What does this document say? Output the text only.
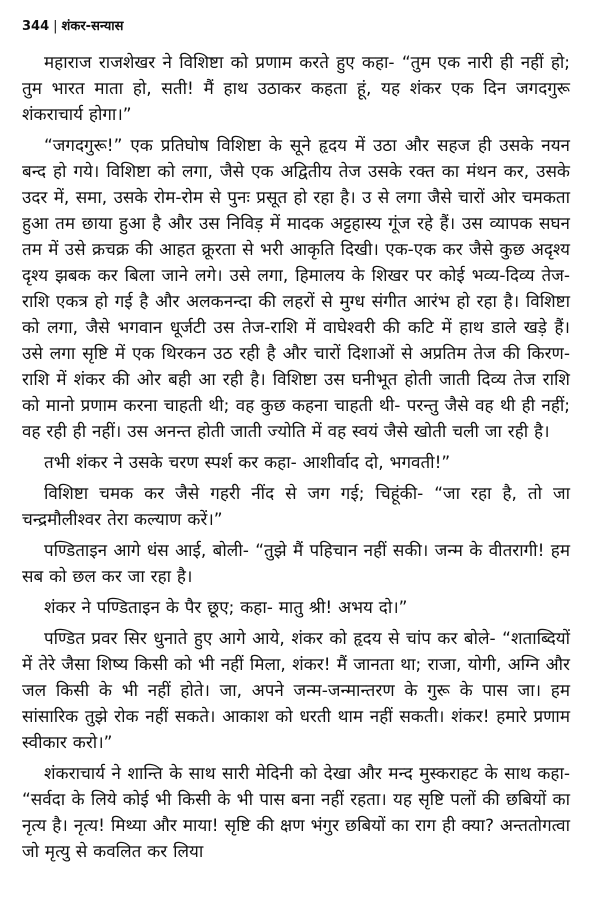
344 | शंकर-सन्यास

महाराज राजशेखर ने विशिष्टा को प्रणाम करते हुए कहा- “तुम एक नारी ही नहीं हो; तुम भारत माता हो, सती! मैं हाथ उठाकर कहता हूं, यह शंकर एक दिन जगदगुरू शंकराचार्य होगा।”

“जगदगुरू!” एक प्रतिघोष विशिष्टा के सूने हृदय में उठा और सहज ही उसके नयन बन्द हो गये। विशिष्टा को लगा, जैसे एक अद्वितीय तेज उसके रक्त का मंथन कर, उसके उदर में, समा, उसके रोम-रोम से पुनः प्रसूत हो रहा है। उ से लगा जैसे चारों ओर चमकता हुआ तम छाया हुआ है और उस निविड़ में मादक अट्टहास्य गूंज रहे हैं। उस व्यापक सघन तम में उसे क्रचक्र की आहत क्रूरता से भरी आकृति दिखी। एक-एक कर जैसे कुछ अदृश्य दृश्य झबक कर बिला जाने लगे। उसे लगा, हिमालय के शिखर पर कोई भव्य-दिव्य तेज-राशि एकत्र हो गई है और अलकनन्दा की लहरों से मुग्ध संगीत आरंभ हो रहा है। विशिष्टा को लगा, जैसे भगवान धूर्जटी उस तेज-राशि में वाघेश्वरी की कटि में हाथ डाले खड़े हैं। उसे लगा सृष्टि में एक थिरकन उठ रही है और चारों दिशाओं से अप्रतिम तेज की किरण-राशि में शंकर की ओर बही आ रही है। विशिष्टा उस घनीभूत होती जाती दिव्य तेज राशि को मानो प्रणाम करना चाहती थी; वह कुछ कहना चाहती थी- परन्तु जैसे वह थी ही नहीं; वह रही ही नहीं। उस अनन्त होती जाती ज्योति में वह स्वयं जैसे खोती चली जा रही है।

तभी शंकर ने उसके चरण स्पर्श कर कहा- आशीर्वाद दो, भगवती!”

विशिष्टा चमक कर जैसे गहरी नींद से जग गई; चिहूंकी- “जा रहा है, तो जा चन्द्रमौलीश्वर तेरा कल्याण करें।”

पण्डिताइन आगे धंस आई, बोली- “तुझे मैं पहिचान नहीं सकी। जन्म के वीतरागी! हम सब को छल कर जा रहा है।

शंकर ने पण्डिताइन के पैर छूए; कहा- मातु श्री! अभय दो।”

पण्डित प्रवर सिर धुनाते हुए आगे आये, शंकर को हृदय से चांप कर बोले- “शताब्दियों में तेरे जैसा शिष्य किसी को भी नहीं मिला, शंकर! मैं जानता था; राजा, योगी, अग्नि और जल किसी के भी नहीं होते। जा, अपने जन्म-जन्मान्तरण के गुरू के पास जा। हम सांसारिक तुझे रोक नहीं सकते। आकाश को धरती थाम नहीं सकती। शंकर! हमारे प्रणाम स्वीकार करो।”

शंकराचार्य ने शान्ति के साथ सारी मेदिनी को देखा और मन्द मुस्कराहट के साथ कहा- “सर्वदा के लिये कोई भी किसी के भी पास बना नहीं रहता। यह सृष्टि पलों की छबियों का नृत्य है। नृत्य! मिथ्या और माया! सृष्टि की क्षण भंगुर छबियों का राग ही क्या? अन्ततोगत्वा जो मृत्यु से कवलित कर लिया
